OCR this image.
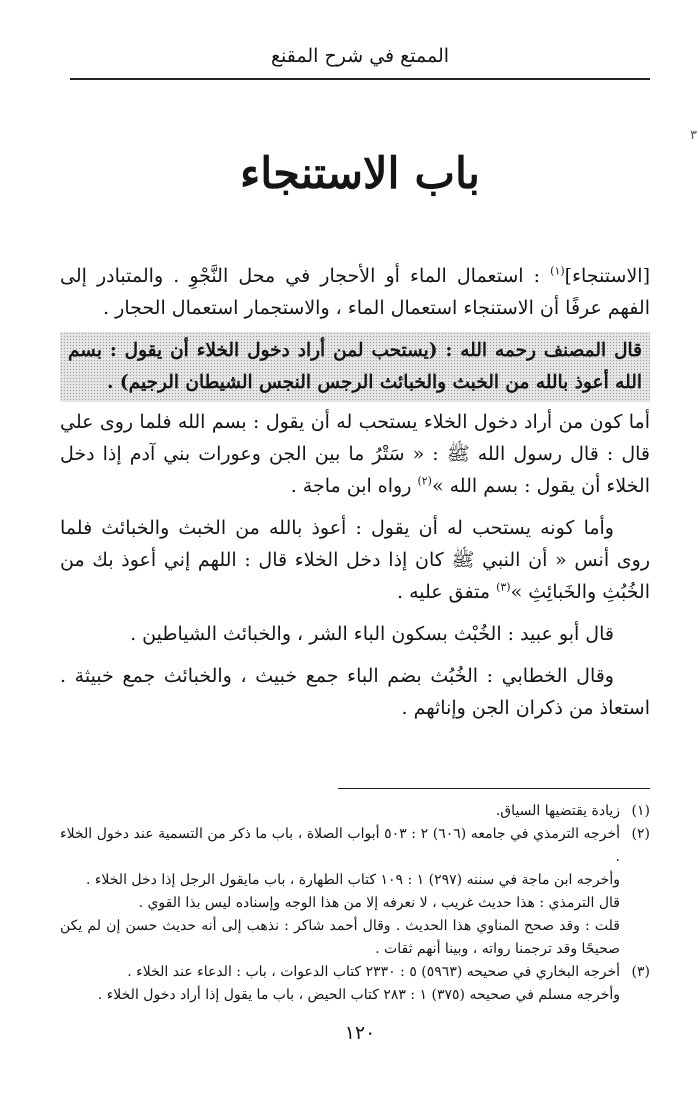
الممتع في شرح المقنع
٣
باب الاستنجاء

[الاستنجاء]$^{(١)}$ : استعمال الماء أو الأحجار في محل النَّجْوِ . والمتبادر إلى الفهم عرفًا أن الاستنجاء استعمال الماء ، والاستجمار استعمال الحجار .

قال المصنف رحمه الله : (يستحب لمن أراد دخول الخلاء أن يقول : بسم الله أعوذ بالله من الخبث والخبائث الرجس النجس الشيطان الرجيم) .

أما كون من أراد دخول الخلاء يستحب له أن يقول : بسم الله فلما روى علي قال : قال رسول الله ﷺ : « سَتْرُ ما بين الجن وعورات بني آدم إذا دخل الخلاء أن يقول : بسم الله »$^{(٢)}$ رواه ابن ماجة .

وأما كونه يستحب له أن يقول : أعوذ بالله من الخبث والخبائث فلما روى أنس « أن النبي ﷺ كان إذا دخل الخلاء قال : اللهم إني أعوذ بك من الخُبُثِ والخَبائِثِ »$^{(٣)}$ متفق عليه .

قال أبو عبيد : الخُبْث بسكون الباء الشر ، والخبائث الشياطين .

وقال الخطابي : الخُبُث بضم الباء جمع خبيث ، والخبائث جمع خبيثة . استعاذ من ذكران الجن وإناثهم .

(١)
زيادة يقتضيها السياق.

(٢)
أخرجه الترمذي في جامعه (٦٠٦) ٢ : ٥٠٣ أبواب الصلاة ، باب ما ذكر من التسمية عند دخول الخلاء .

وأخرجه ابن ماجة في سننه (٢٩٧) ١ : ١٠٩ كتاب الطهارة ، باب مايقول الرجل إذا دخل الخلاء .

قال الترمذي : هذا حديث غريب ، لا نعرفه إلا من هذا الوجه وإسناده ليس بذا القوي .

قلت : وقد صحح المناوي هذا الحديث . وقال أحمد شاكر : نذهب إلى أنه حديث حسن إن لم يكن صحيحًا وقد ترجمنا رواته ، وبينا أنهم ثقات .

(٣)
أخرجه البخاري في صحيحه (٥٩٦٣) ٥ : ٢٣٣٠ كتاب الدعوات ، باب : الدعاء عند الخلاء .

وأخرجه مسلم في صحيحه (٣٧٥) ١ : ٢٨٣ كتاب الحيض ، باب ما يقول إذا أراد دخول الخلاء .

١٢٠
